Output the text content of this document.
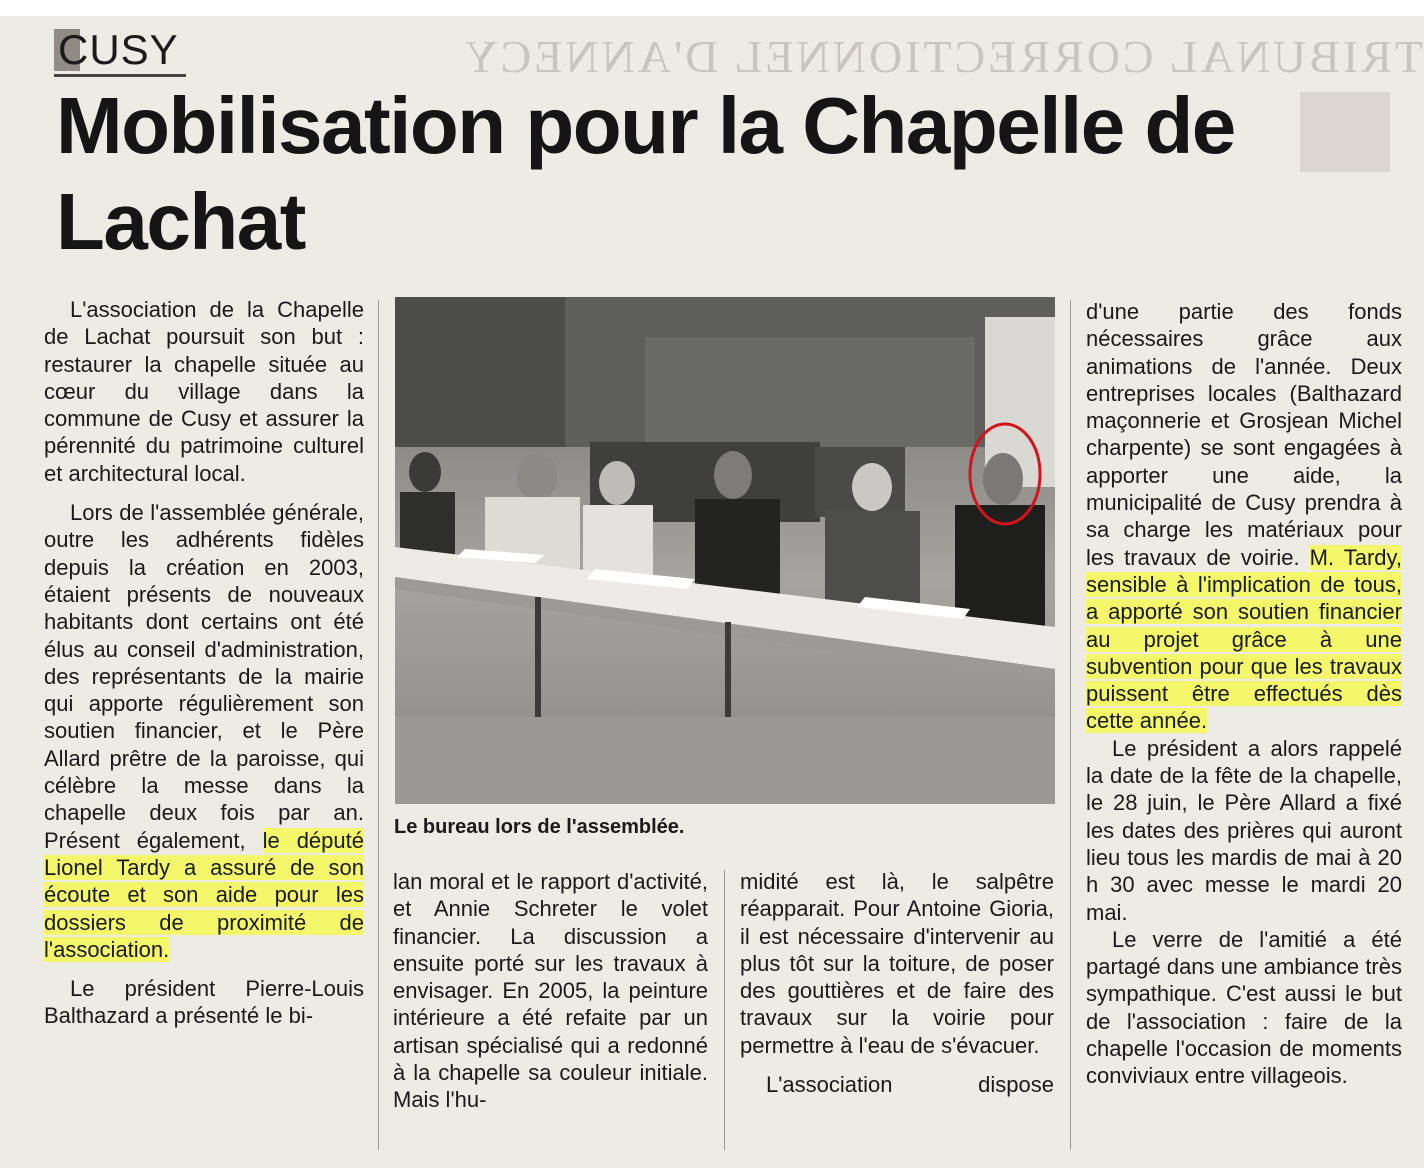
TRIBUNAL CORRECTIONNEL D'ANNECY
CUSY
Mobilisation pour la Chapelle de Lachat

L'association de la Chapelle de Lachat poursuit son but : restaurer la chapelle située au cœur du village dans la commune de Cusy et assurer la pérennité du patrimoine culturel et architectural local.

Lors de l'assemblée générale, outre les adhérents fidèles depuis la création en 2003, étaient présents de nouveaux habitants dont certains ont été élus au conseil d'administration, des représentants de la mairie qui apporte régulièrement son soutien financier, et le Père Allard prêtre de la paroisse, qui célèbre la messe dans la chapelle deux fois par an. Présent également, le député Lionel Tardy a assuré de son écoute et son aide pour les dossiers de proximité de l'association.

Le président Pierre-Louis Balthazard a présenté le bi-

Le bureau lors de l'assemblée.

lan moral et le rapport d'activité, et Annie Schreter le volet financier. La discussion a ensuite porté sur les travaux à envisager. En 2005, la peinture intérieure a été refaite par un artisan spécialisé qui a redonné à la chapelle sa couleur initiale. Mais l'hu-

midité est là, le salpêtre réapparait. Pour Antoine Gioria, il est nécessaire d'intervenir au plus tôt sur la toiture, de poser des gouttières et de faire des travaux sur la voirie pour permettre à l'eau de s'évacuer.

L'association dispose

d'une partie des fonds nécessaires grâce aux animations de l'année. Deux entreprises locales (Balthazard maçonnerie et Grosjean Michel charpente) se sont engagées à apporter une aide, la municipalité de Cusy prendra à sa charge les matériaux pour les travaux de voirie. M. Tardy, sensible à l'implication de tous, a apporté son soutien financier au projet grâce à une subvention pour que les travaux puissent être effectués dès cette année.

Le président a alors rappelé la date de la fête de la chapelle, le 28 juin, le Père Allard a fixé les dates des prières qui auront lieu tous les mardis de mai à 20 h 30 avec messe le mardi 20 mai.

Le verre de l'amitié a été partagé dans une ambiance très sympathique. C'est aussi le but de l'association : faire de la chapelle l'occasion de moments conviviaux entre villageois.
